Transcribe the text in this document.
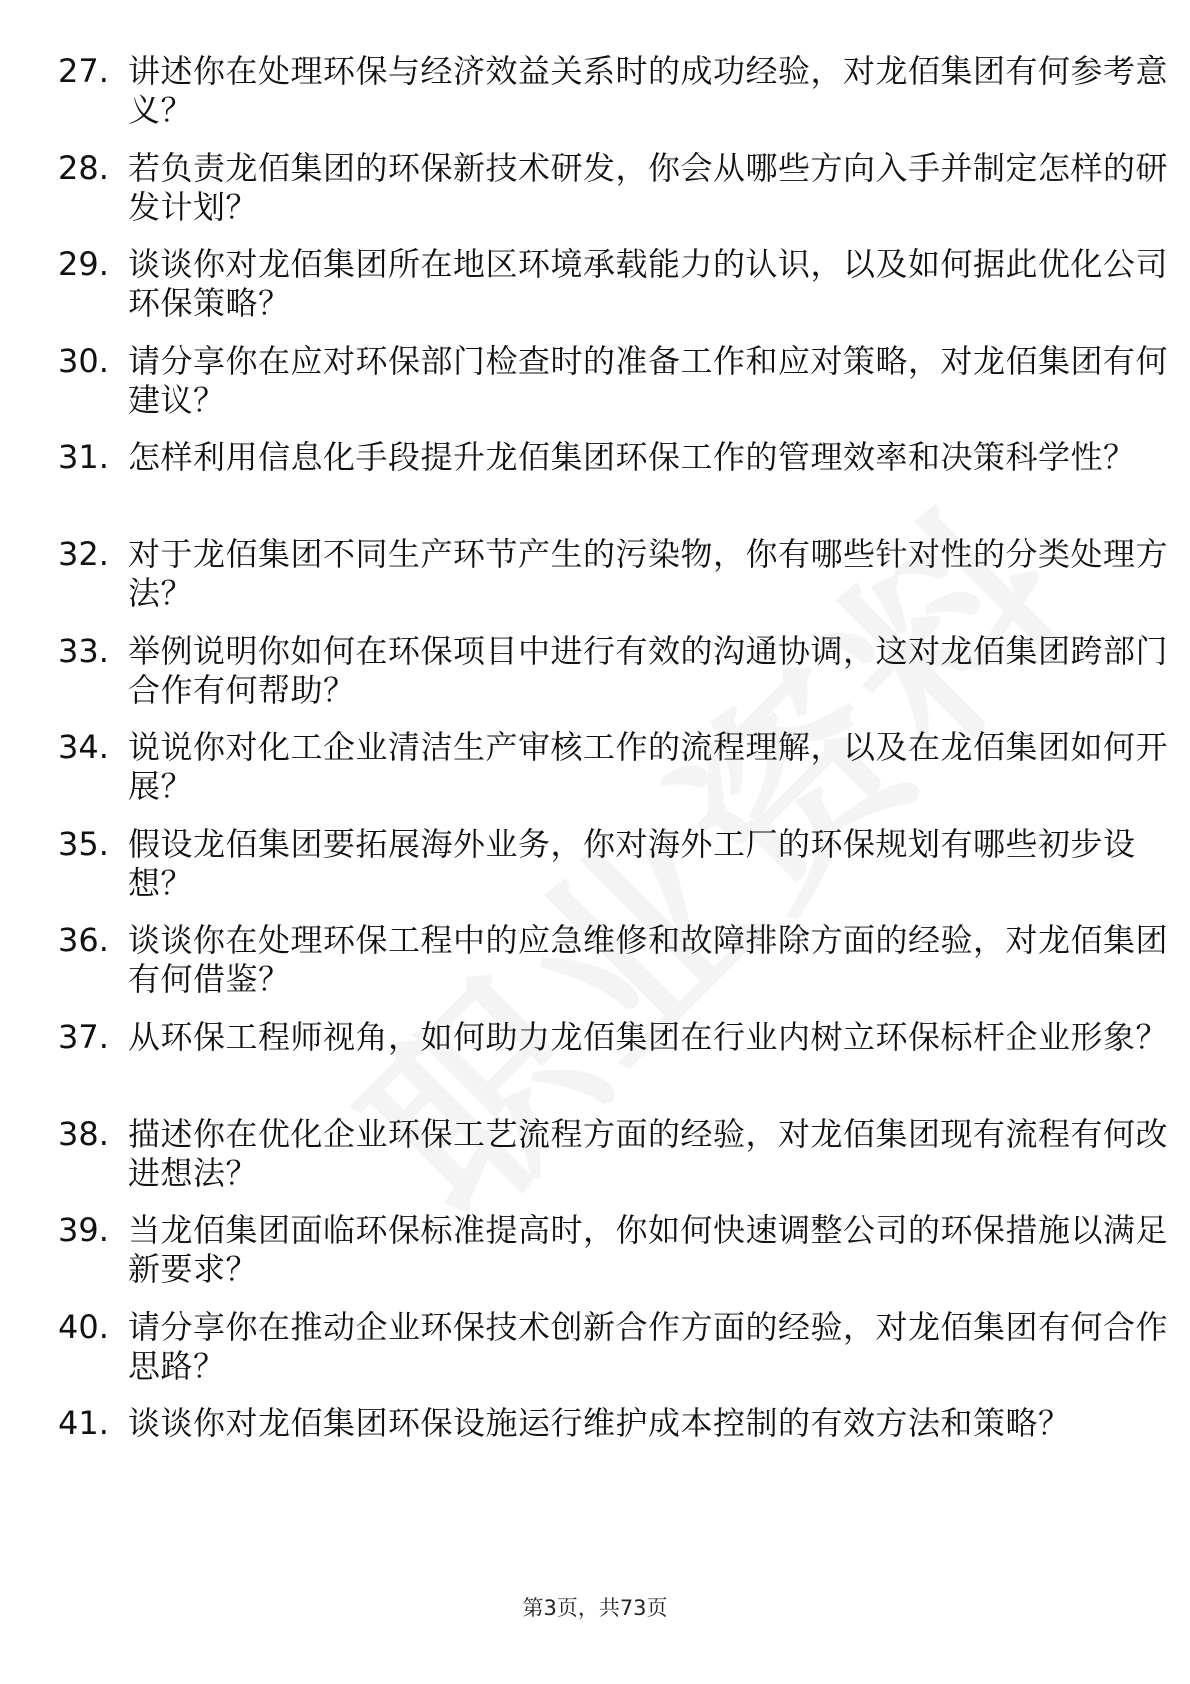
27. 讲述你在处理环保与经济效益关系时的成功经验，对龙佰集团有何参考意义？
28. 若负责龙佰集团的环保新技术研发，你会从哪些方向入手并制定怎样的研发计划？
29. 谈谈你对龙佰集团所在地区环境承载能力的认识，以及如何据此优化公司环保策略？
30. 请分享你在应对环保部门检查时的准备工作和应对策略，对龙佰集团有何建议？
31. 怎样利用信息化手段提升龙佰集团环保工作的管理效率和决策科学性？
32. 对于龙佰集团不同生产环节产生的污染物，你有哪些针对性的分类处理方法？
33. 举例说明你如何在环保项目中进行有效的沟通协调，这对龙佰集团跨部门合作有何帮助？
34. 说说你对化工企业清洁生产审核工作的流程理解，以及在龙佰集团如何开展？
35. 假设龙佰集团要拓展海外业务，你对海外工厂的环保规划有哪些初步设想？
36. 谈谈你在处理环保工程中的应急维修和故障排除方面的经验，对龙佰集团有何借鉴？
37. 从环保工程师视角，如何助力龙佰集团在行业内树立环保标杆企业形象？
38. 描述你在优化企业环保工艺流程方面的经验，对龙佰集团现有流程有何改进想法？
39. 当龙佰集团面临环保标准提高时，你如何快速调整公司的环保措施以满足新要求？
40. 请分享你在推动企业环保技术创新合作方面的经验，对龙佰集团有何合作思路？
41. 谈谈你对龙佰集团环保设施运行维护成本控制的有效方法和策略？
第3页，共73页
